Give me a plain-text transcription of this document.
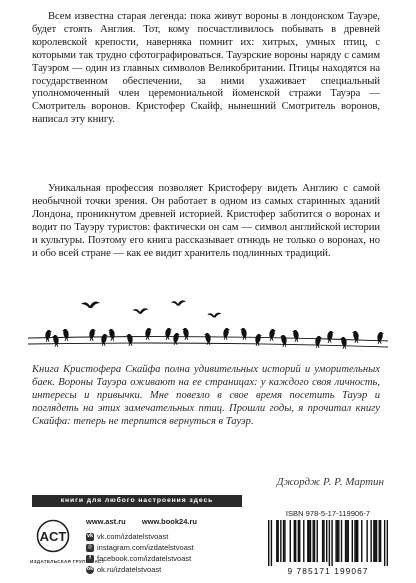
Всем известна старая легенда: пока живут вороны в лондонском Тауэре, будет стоять Англия. Тот, кому посчастливилось побывать в древней королевской крепости, наверняка помнит их: хитрых, умных птиц, с которыми так трудно сфотографироваться. Тауэрские вороны наряду с самим Тауэром — один из главных символов Великобритании. Птицы находятся на государственном обеспечении, за ними ухаживает специальный уполномоченный член церемониальной йоменской стражи Тауэра — Смотритель воронов. Кристофер Скайф, нынешний Смотритель воронов, написал эту книгу.

Уникальная профессия позволяет Кристоферу видеть Англию с самой необычной точки зрения. Он работает в одном из самых старинных зданий Лондона, проникнутом древней историей. Кристофер заботится о воронах и водит по Тауэру туристов: фактически он сам — символ английской истории и культуры. Поэтому его книга рассказывает отнюдь не только о воронах, но и обо всей стране — как ее видит хранитель подлинных традиций.

Книга Кристофера Скайфа полна удивительных историй и уморительных баек. Вороны Тауэра оживают на ее страницах: у каждого своя личность, интересы и привычки. Мне повезло в свое время посетить Тауэр и поглядеть на этих замечательных птиц. Прошли годы, я прочитал книгу Скайфа: теперь не терпится вернуться в Тауэр.

Джордж Р. Р. Мартин

книги для любого настроения здесь
www.ast.ru www.book24.ru
vk vk.com/izdatelstvoast
◎ instagram.com/izdatelstvoast
f facebook.com/izdatelstvoast
ok ok.ru/izdatelstvoast
ACT
ИЗДАТЕЛЬСКАЯ ГРУППА АСТ
ISBN 978-5-17-119906-7
9 785171 199067
